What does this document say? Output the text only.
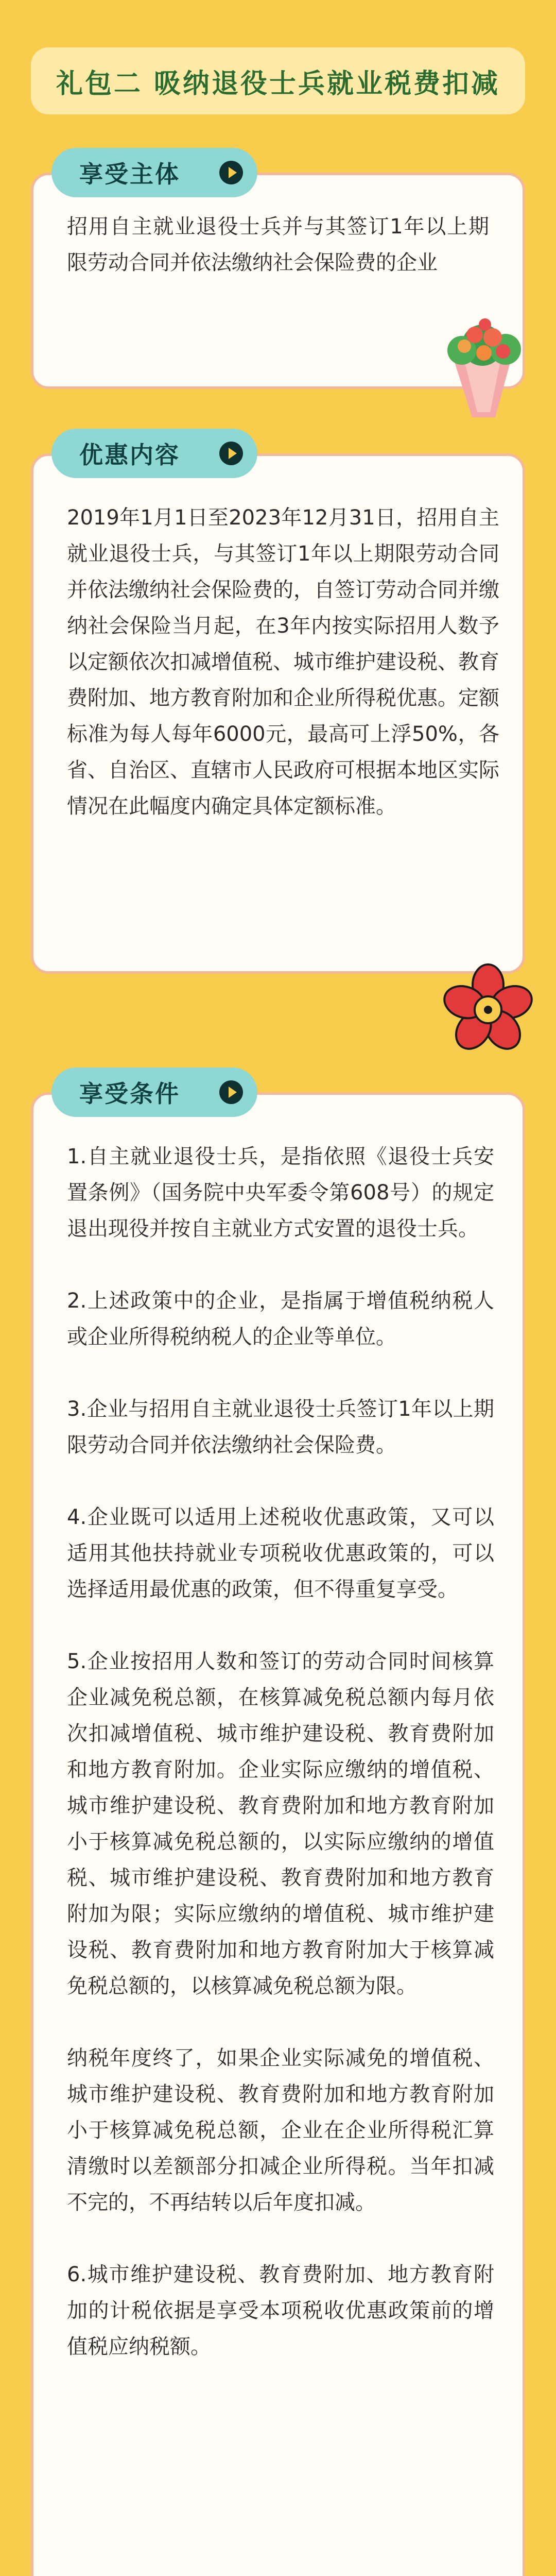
礼包二 吸纳退役士兵就业税费扣减
享受主体

招用自主就业退役士兵并与其签订1年以上期限劳动合同并依法缴纳社会保险费的企业

优惠内容

2019年1月1日至2023年12月31日，招用自主就业退役士兵，与其签订1年以上期限劳动合同并依法缴纳社会保险费的，自签订劳动合同并缴纳社会保险当月起，在3年内按实际招用人数予以定额依次扣减增值税、城市维护建设税、教育费附加、地方教育附加和企业所得税优惠。定额标准为每人每年6000元，最高可上浮50%，各省、自治区、直辖市人民政府可根据本地区实际情况在此幅度内确定具体定额标准。

享受条件

1.自主就业退役士兵，是指依照《退役士兵安置条例》（国务院中央军委令第608号）的规定退出现役并按自主就业方式安置的退役士兵。

2.上述政策中的企业，是指属于增值税纳税人或企业所得税纳税人的企业等单位。

3.企业与招用自主就业退役士兵签订1年以上期限劳动合同并依法缴纳社会保险费。

4.企业既可以适用上述税收优惠政策，又可以适用其他扶持就业专项税收优惠政策的，可以选择适用最优惠的政策，但不得重复享受。

5.企业按招用人数和签订的劳动合同时间核算企业减免税总额，在核算减免税总额内每月依次扣减增值税、城市维护建设税、教育费附加和地方教育附加。企业实际应缴纳的增值税、城市维护建设税、教育费附加和地方教育附加小于核算减免税总额的，以实际应缴纳的增值税、城市维护建设税、教育费附加和地方教育附加为限；实际应缴纳的增值税、城市维护建设税、教育费附加和地方教育附加大于核算减免税总额的，以核算减免税总额为限。

纳税年度终了，如果企业实际减免的增值税、城市维护建设税、教育费附加和地方教育附加小于核算减免税总额，企业在企业所得税汇算清缴时以差额部分扣减企业所得税。当年扣减不完的，不再结转以后年度扣减。

6.城市维护建设税、教育费附加、地方教育附加的计税依据是享受本项税收优惠政策前的增值税应纳税额。
